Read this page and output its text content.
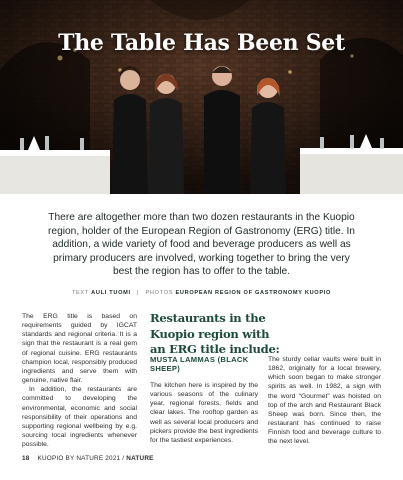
The Table Has Been Set

There are altogether more than two dozen restaurants in the Kuopio region, holder of the European Region of Gastronomy (ERG) title. In addition, a wide variety of food and beverage producers as well as primary producers are involved, working together to bring the very best the region has to offer to the table.

TEXT AULI TUOMI | PHOTOS EUROPEAN REGION OF GASTRONOMY KUOPIO

The ERG title is based on requirements guided by IGCAT standards and regional criteria. It is a sign that the restaurant is a real gem of regional cuisine. ERG restaurants champion local, responsibly produced ingredients and serve them with genuine, native flair.

In addition, the restaurants are committed to developing the environmental, economic and social responsibility of their operations and supporting regional wellbeing by e.g. sourcing local ingredients whenever possible.

Restaurants in the Kuopio region with an ERG title include:
MUSTA LAMMAS (BLACK SHEEP)

The kitchen here is inspired by the various seasons of the culinary year, regional forests, fields and clear lakes. The rooftop garden as well as several local producers and pickers provide the best ingredients for the tastiest experiences.

The sturdy cellar vaults were built in 1862, originally for a local brewery, which soon began to make stronger spirits as well. In 1982, a sign with the word “Gourmet” was hoisted on top of the arch and Restaurant Black Sheep was born. Since then, the restaurant has continued to raise Finnish food and beverage culture to the next level.

18 KUOPIO BY NATURE 2021 / NATURE
